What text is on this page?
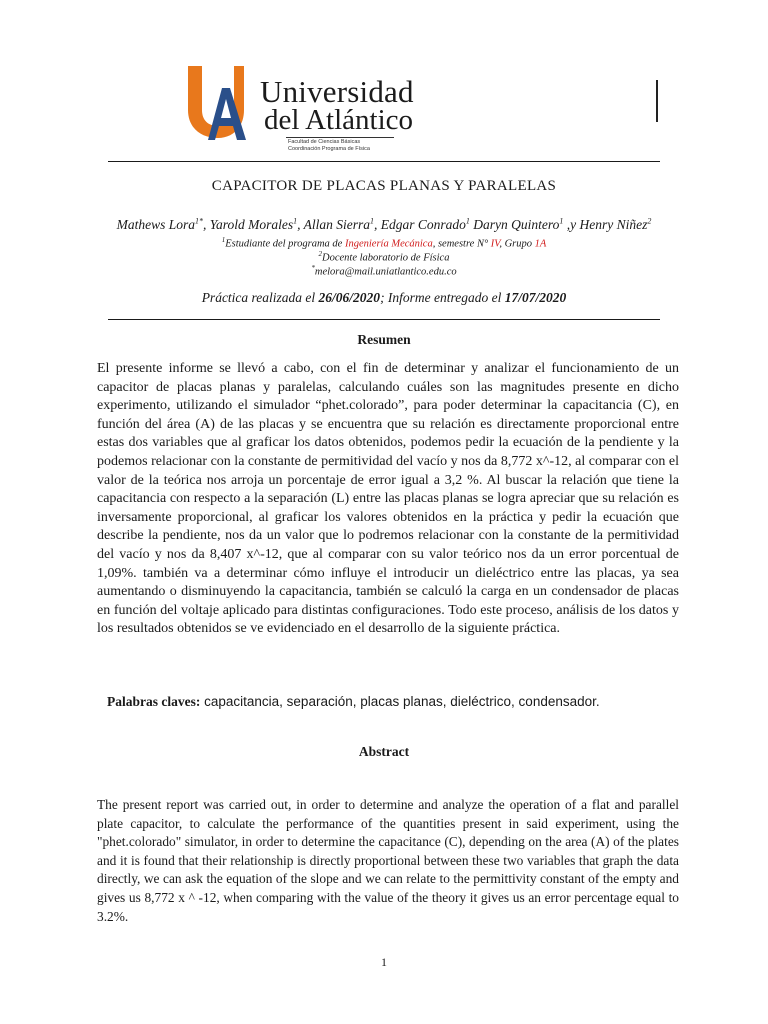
Universidad
del Atlántico
Facultad de Ciencias Básicas
Coordinación Programa de Física
CAPACITOR DE PLACAS PLANAS Y PARALELAS
Mathews Lora$^{1*}$, Yarold Morales$^1$, Allan Sierra$^1$, Edgar Conrado$^1$ Daryn Quintero$^1$ ,y Henry Niñez$^2$
$^1$Estudiante del programa de Ingeniería Mecánica, semestre N° IV, Grupo 1A
$^2$Docente laboratorio de Física
*melora@mail.uniatlantico.edu.co
Práctica realizada el 26/06/2020; Informe entregado el 17/07/2020
Resumen

El presente informe se llevó a cabo, con el fin de determinar y analizar el funcionamiento de un capacitor de placas planas y paralelas, calculando cuáles son las magnitudes presente en dicho experimento, utilizando el simulador “phet.colorado”, para poder determinar la capacitancia (C), en función del área (A) de las placas y se encuentra que su relación es directamente proporcional entre estas dos variables que al graficar los datos obtenidos, podemos pedir la ecuación de la pendiente y la podemos relacionar con la constante de permitividad del vacío y nos da 8,772 x^-12, al comparar con el valor de la teórica nos arroja un porcentaje de error igual a 3,2 %. Al buscar la relación que tiene la capacitancia con respecto a la separación (L) entre las placas planas se logra apreciar que su relación es inversamente proporcional, al graficar los valores obtenidos en la práctica y pedir la ecuación que describe la pendiente, nos da un valor que lo podremos relacionar con la constante de la permitividad del vacío y nos da 8,407 x^-12, que al comparar con su valor teórico nos da un error porcentual de 1,09%. también va a determinar cómo influye el introducir un dieléctrico entre las placas, ya sea aumentando o disminuyendo la capacitancia, también se calculó la carga en un condensador de placas en función del voltaje aplicado para distintas configuraciones. Todo este proceso, análisis de los datos y los resultados obtenidos se ve evidenciado en el desarrollo de la siguiente práctica.

Palabras claves: capacitancia, separación, placas planas, dieléctrico, condensador.
Abstract

The present report was carried out, in order to determine and analyze the operation of a flat and parallel plate capacitor, to calculate the performance of the quantities present in said experiment, using the "phet.colorado" simulator, in order to determine the capacitance (C), depending on the area (A) of the plates and it is found that their relationship is directly proportional between these two variables that graph the data directly, we can ask the equation of the slope and we can relate to the permittivity constant of the empty and gives us 8,772 x ^ -12, when comparing with the value of the theory it gives us an error percentage equal to 3.2%.

1
